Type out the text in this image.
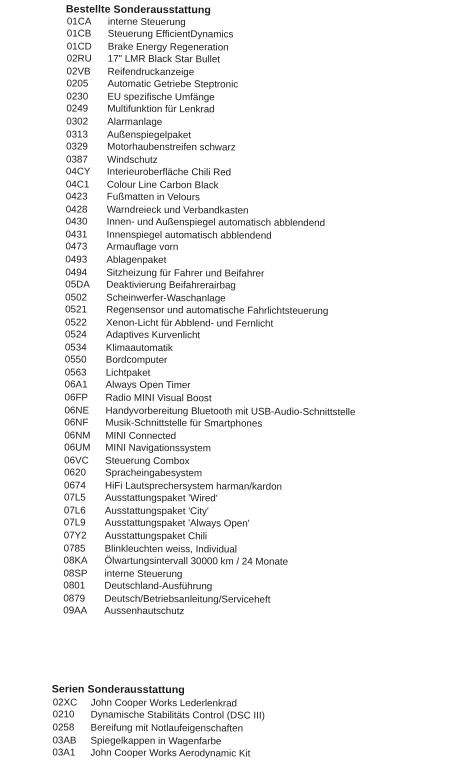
Bestellte Sonderausstattung
01CA interne Steuerung
01CB Steuerung EfficientDynamics
01CD Brake Energy Regeneration
02RU 17" LMR Black Star Bullet
02VB Reifendruckanzeige
0205 Automatic Getriebe Steptronic
0230 EU spezifische Umfänge
0249 Multifunktion für Lenkrad
0302 Alarmanlage
0313 Außenspiegelpaket
0329 Motorhaubenstreifen schwarz
0387 Windschutz
04CY Interieuroberfläche Chili Red
04C1 Colour Line Carbon Black
0423 Fußmatten in Velours
0428 Warndreieck und Verbandkasten
0430 Innen- und Außenspiegel automatisch abblendend
0431 Innenspiegel automatisch abblendend
0473 Armauflage vorn
0493 Ablagenpaket
0494 Sitzheizung für Fahrer und Beifahrer
05DA Deaktivierung Beifahrerairbag
0502 Scheinwerfer-Waschanlage
0521 Regensensor und automatische Fahrlichtsteuerung
0522 Xenon-Licht für Abblend- und Fernlicht
0524 Adaptives Kurvenlicht
0534 Klimaautomatik
0550 Bordcomputer
0563 Lichtpaket
06A1 Always Open Timer
06FP Radio MINI Visual Boost
06NE Handyvorbereitung Bluetooth mit USB-Audio-Schnittstelle
06NF Musik-Schnittstelle für Smartphones
06NM MINI Connected
06UM MINI Navigationssystem
06VC Steuerung Combox
0620 Spracheingabesystem
0674 HiFi Lautsprechersystem harman/kardon
07L5 Ausstattungspaket 'Wired'
07L6 Ausstattungspaket 'City'
07L9 Ausstattungspaket 'Always Open'
07Y2 Ausstattungspaket Chili
0785 Blinkleuchten weiss, Individual
08KA Ölwartungsintervall 30000 km / 24 Monate
08SP interne Steuerung
0801 Deutschland-Ausführung
0879 Deutsch/Betriebsanleitung/Serviceheft
09AA Aussenhautschutz
Serien Sonderausstattung
02XC John Cooper Works Lederlenkrad
0210 Dynamische Stabilitäts Control (DSC III)
0258 Bereifung mit Notlaufeigenschaften
03AB Spiegelkappen in Wagenfarbe
03A1 John Cooper Works Aerodynamic Kit
